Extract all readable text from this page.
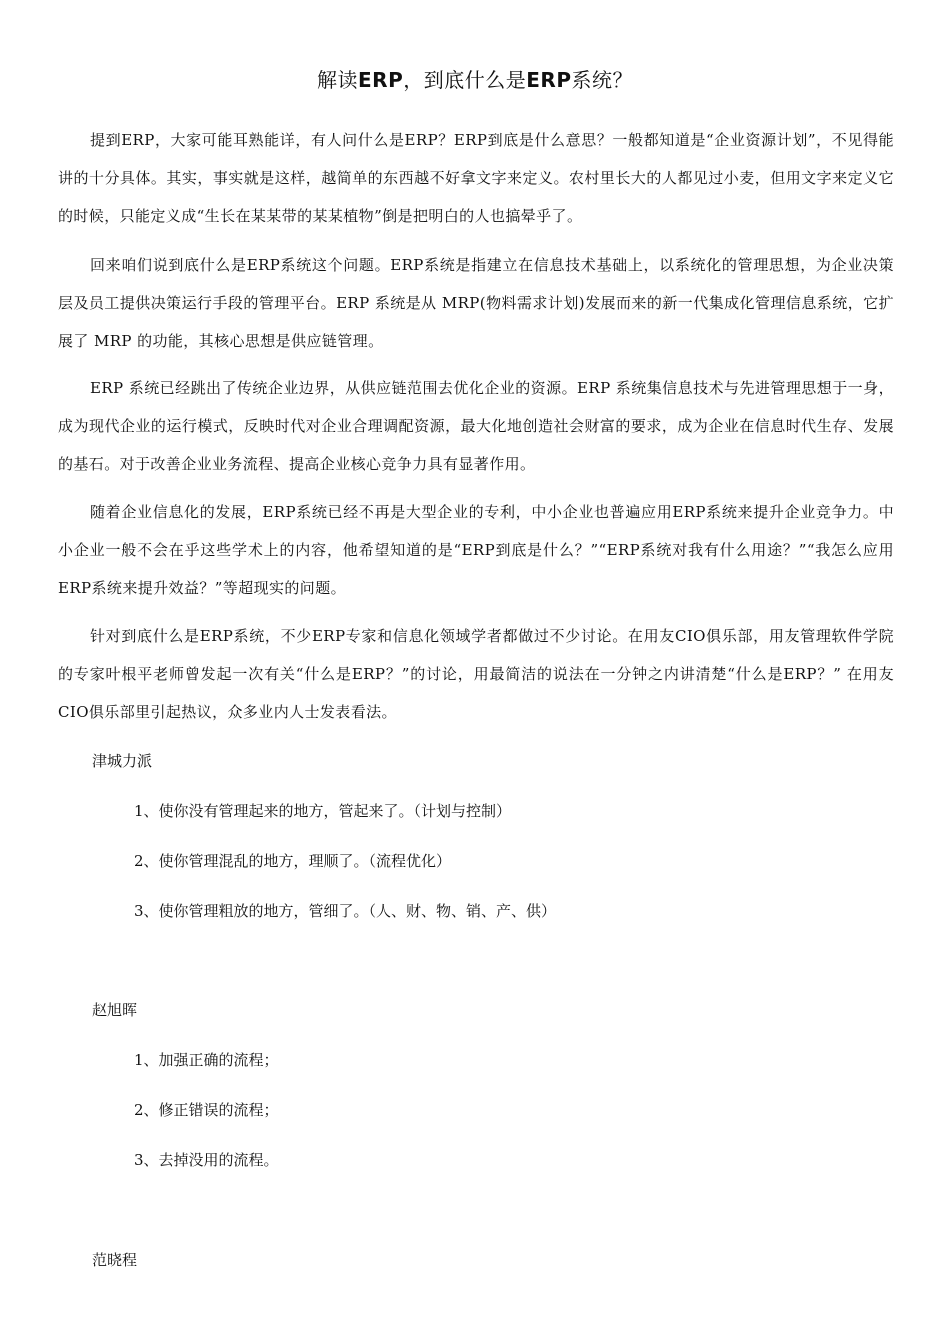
解读ERP，到底什么是ERP系统？

提到ERP，大家可能耳熟能详，有人问什么是ERP？ERP到底是什么意思？一般都知道是“企业资源计划”，不见得能讲的十分具体。其实，事实就是这样，越简单的东西越不好拿文字来定义。农村里长大的人都见过小麦，但用文字来定义它的时候，只能定义成“生长在某某带的某某植物”倒是把明白的人也搞晕乎了。

回来咱们说到底什么是ERP系统这个问题。ERP系统是指建立在信息技术基础上，以系统化的管理思想，为企业决策层及员工提供决策运行手段的管理平台。ERP 系统是从 MRP(物料需求计划)发展而来的新一代集成化管理信息系统，它扩展了 MRP 的功能，其核心思想是供应链管理。

ERP 系统已经跳出了传统企业边界，从供应链范围去优化企业的资源。ERP 系统集信息技术与先进管理思想于一身，成为现代企业的运行模式，反映时代对企业合理调配资源，最大化地创造社会财富的要求，成为企业在信息时代生存、发展的基石。对于改善企业业务流程、提高企业核心竞争力具有显著作用。

随着企业信息化的发展，ERP系统已经不再是大型企业的专利，中小企业也普遍应用ERP系统来提升企业竞争力。中小企业一般不会在乎这些学术上的内容，他希望知道的是“ERP到底是什么？”“ERP系统对我有什么用途？”“我怎么应用ERP系统来提升效益？”等超现实的问题。

针对到底什么是ERP系统，不少ERP专家和信息化领域学者都做过不少讨论。在用友CIO俱乐部，用友管理软件学院的专家叶根平老师曾发起一次有关“什么是ERP？”的讨论，用最简洁的说法在一分钟之内讲清楚“什么是ERP？” 在用友CIO俱乐部里引起热议，众多业内人士发表看法。

津城力派

1、使你没有管理起来的地方，管起来了。（计划与控制）

2、使你管理混乱的地方，理顺了。（流程优化）

3、使你管理粗放的地方，管细了。（人、财、物、销、产、供）

赵旭晖

1、加强正确的流程；

2、修正错误的流程；

3、去掉没用的流程。

范晓程
